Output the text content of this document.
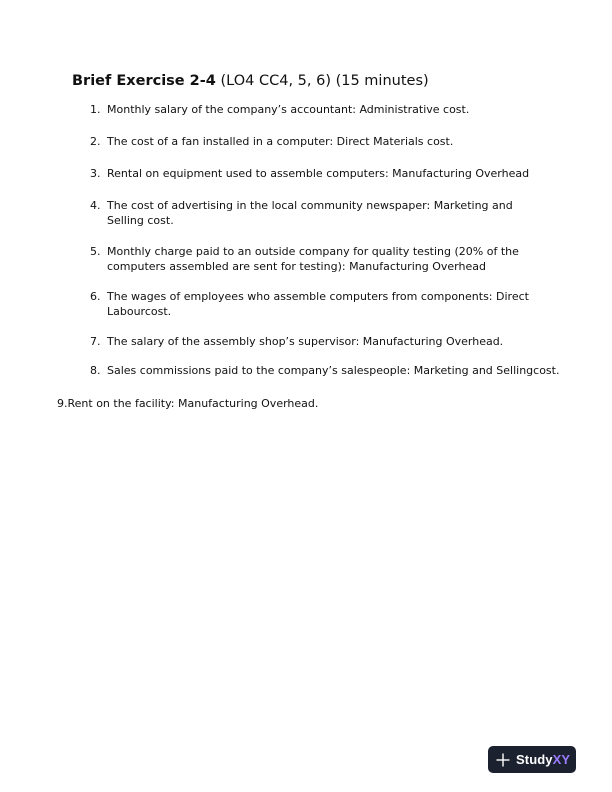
Brief Exercise 2-4 (LO4 CC4, 5, 6) (15 minutes)
1. Monthly salary of the company’s accountant: Administrative cost.
2. The cost of a fan installed in a computer: Direct Materials cost.
3. Rental on equipment used to assemble computers: Manufacturing Overhead
4. The cost of advertising in the local community newspaper: Marketing and Selling cost.
5. Monthly charge paid to an outside company for quality testing (20% of the computers assembled are sent for testing): Manufacturing Overhead
6. The wages of employees who assemble computers from components: Direct Labourcost.
7. The salary of the assembly shop’s supervisor: Manufacturing Overhead.
8. Sales commissions paid to the company’s salespeople: Marketing and Sellingcost.
9.Rent on the facility: Manufacturing Overhead.
StudyXY
